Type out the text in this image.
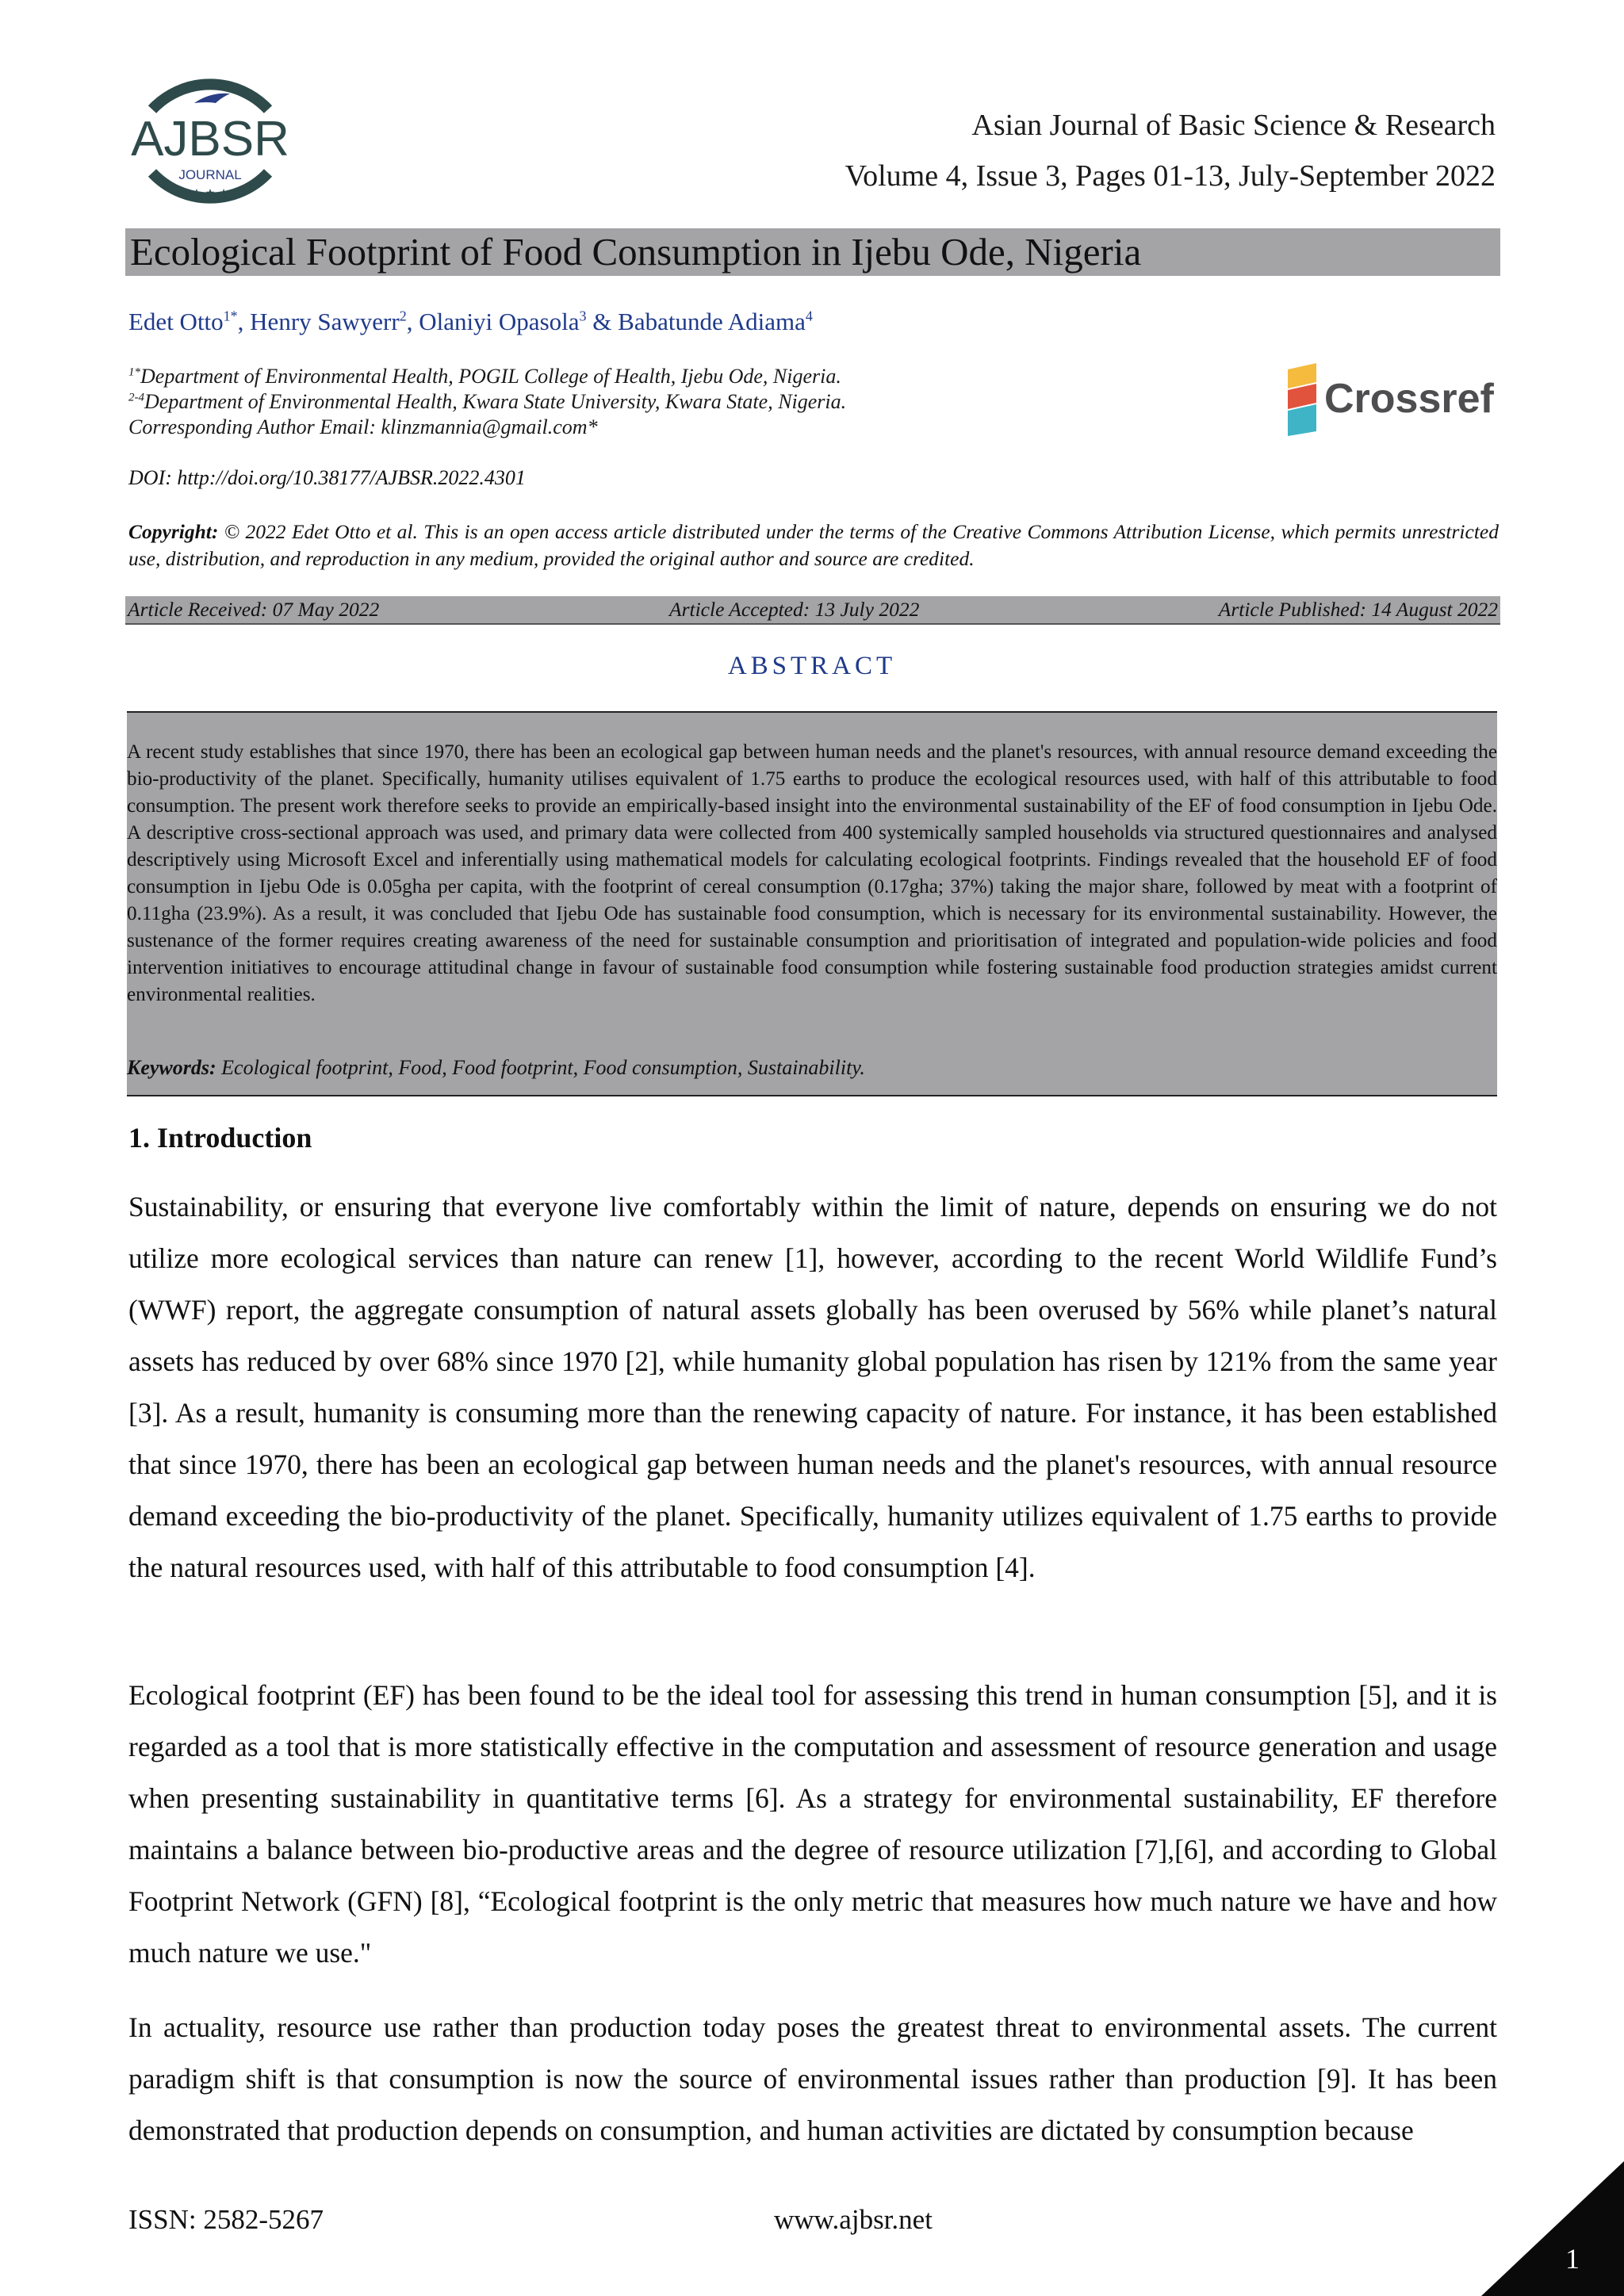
AJBSR
JOURNAL
★ ★ ★
Asian Journal of Basic Science & Research
Volume 4, Issue 3, Pages 01-13, July-September 2022
Ecological Footprint of Food Consumption in Ijebu Ode, Nigeria
Edet Otto$^{1*}$, Henry Sawyerr$^2$, Olaniyi Opasola$^3$ & Babatunde Adiama$^4$
$^{1*}$Department of Environmental Health, POGIL College of Health, Ijebu Ode, Nigeria.
$^{2-4}$Department of Environmental Health, Kwara State University, Kwara State, Nigeria.
Corresponding Author Email: klinzmannia@gmail.com*
Crossref
DOI: http://doi.org/10.38177/AJBSR.2022.4301
Copyright: © 2022 Edet Otto et al. This is an open access article distributed under the terms of the Creative Commons Attribution License, which permits unrestricted use, distribution, and reproduction in any medium, provided the original author and source are credited.
Article Received: 07 May 2022	Article Accepted: 13 July 2022	Article Published: 14 August 2022
ABSTRACT
A recent study establishes that since 1970, there has been an ecological gap between human needs and the planet's resources, with annual resource demand exceeding the bio-productivity of the planet. Specifically, humanity utilises equivalent of 1.75 earths to produce the ecological resources used, with half of this attributable to food consumption. The present work therefore seeks to provide an empirically-based insight into the environmental sustainability of the EF of food consumption in Ijebu Ode. A descriptive cross-sectional approach was used, and primary data were collected from 400 systemically sampled households via structured questionnaires and analysed descriptively using Microsoft Excel and inferentially using mathematical models for calculating ecological footprints. Findings revealed that the household EF of food consumption in Ijebu Ode is 0.05gha per capita, with the footprint of cereal consumption (0.17gha; 37%) taking the major share, followed by meat with a footprint of 0.11gha (23.9%). As a result, it was concluded that Ijebu Ode has sustainable food consumption, which is necessary for its environmental sustainability. However, the sustenance of the former requires creating awareness of the need for sustainable consumption and prioritisation of integrated and population-wide policies and food intervention initiatives to encourage attitudinal change in favour of sustainable food consumption while fostering sustainable food production strategies amidst current environmental realities.
Keywords: Ecological footprint, Food, Food footprint, Food consumption, Sustainability.
1. Introduction
Sustainability, or ensuring that everyone live comfortably within the limit of nature, depends on ensuring we do not utilize more ecological services than nature can renew [1], however, according to the recent World Wildlife Fund’s (WWF) report, the aggregate consumption of natural assets globally has been overused by 56% while planet’s natural assets has reduced by over 68% since 1970 [2], while humanity global population has risen by 121% from the same year [3]. As a result, humanity is consuming more than the renewing capacity of nature. For instance, it has been established that since 1970, there has been an ecological gap between human needs and the planet's resources, with annual resource demand exceeding the bio-productivity of the planet. Specifically, humanity utilizes equivalent of 1.75 earths to provide the natural resources used, with half of this attributable to food consumption [4].
Ecological footprint (EF) has been found to be the ideal tool for assessing this trend in human consumption [5], and it is regarded as a tool that is more statistically effective in the computation and assessment of resource generation and usage when presenting sustainability in quantitative terms [6]. As a strategy for environmental sustainability, EF therefore maintains a balance between bio-productive areas and the degree of resource utilization [7],[6], and according to Global Footprint Network (GFN) [8], “Ecological footprint is the only metric that measures how much nature we have and how much nature we use."
In actuality, resource use rather than production today poses the greatest threat to environmental assets. The current paradigm shift is that consumption is now the source of environmental issues rather than production [9]. It has been demonstrated that production depends on consumption, and human activities are dictated by consumption because
ISSN: 2582-5267	www.ajbsr.net
1
